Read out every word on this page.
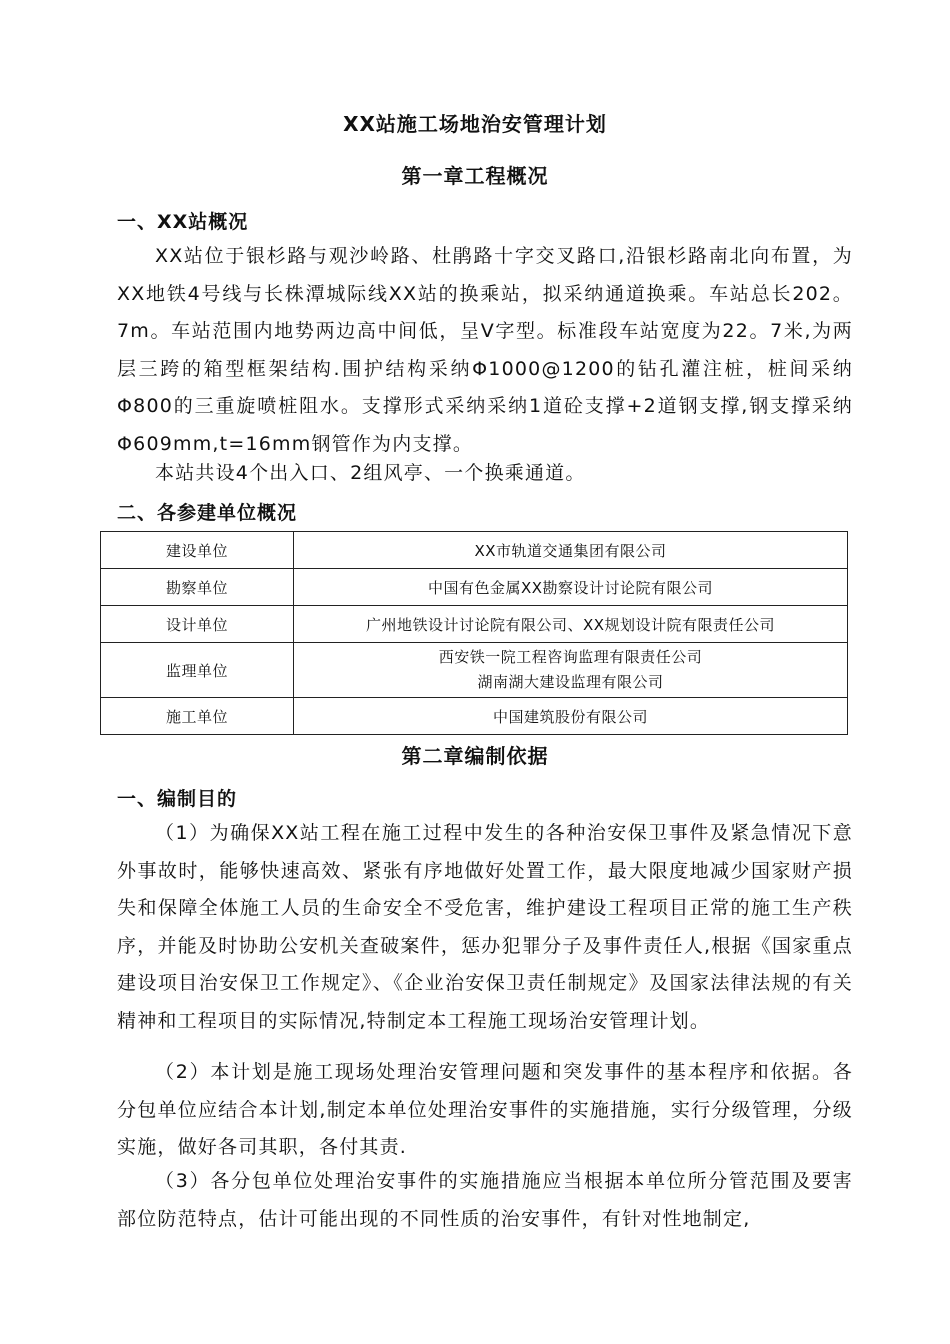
XX站施工场地治安管理计划
第一章工程概况
一、XX站概况
XX站位于银杉路与观沙岭路、杜鹃路十字交叉路口,沿银杉路南北向布置，为XX地铁4号线与长株潭城际线XX站的换乘站，拟采纳通道换乘。车站总长202。7m。车站范围内地势两边高中间低，呈V字型。标准段车站宽度为22。7米,为两层三跨的箱型框架结构.围护结构采纳Φ1000@1200的钻孔灌注桩，桩间采纳Φ800的三重旋喷桩阻水。支撑形式采纳采纳1道砼支撑+2道钢支撑,钢支撑采纳Φ609mm,t=16mm钢管作为内支撑。
本站共设4个出入口、2组风亭、一个换乘通道。
二、各参建单位概况
建设单位	XX市轨道交通集团有限公司
勘察单位	中国有色金属XX勘察设计讨论院有限公司
设计单位	广州地铁设计讨论院有限公司、XX规划设计院有限责任公司
监理单位	西安铁一院工程咨询监理有限责任公司
湖南湖大建设监理有限公司

施工单位	中国建筑股份有限公司
第二章编制依据
一、编制目的
（1）为确保XX站工程在施工过程中发生的各种治安保卫事件及紧急情况下意外事故时，能够快速高效、紧张有序地做好处置工作，最大限度地减少国家财产损失和保障全体施工人员的生命安全不受危害，维护建设工程项目正常的施工生产秩序，并能及时协助公安机关查破案件，惩办犯罪分子及事件责任人,根据《国家重点建设项目治安保卫工作规定》、《企业治安保卫责任制规定》及国家法律法规的有关精神和工程项目的实际情况,特制定本工程施工现场治安管理计划。
（2）本计划是施工现场处理治安管理问题和突发事件的基本程序和依据。各分包单位应结合本计划,制定本单位处理治安事件的实施措施，实行分级管理，分级实施，做好各司其职，各付其责.
（3）各分包单位处理治安事件的实施措施应当根据本单位所分管范围及要害部位防范特点，估计可能出现的不同性质的治安事件，有针对性地制定,
